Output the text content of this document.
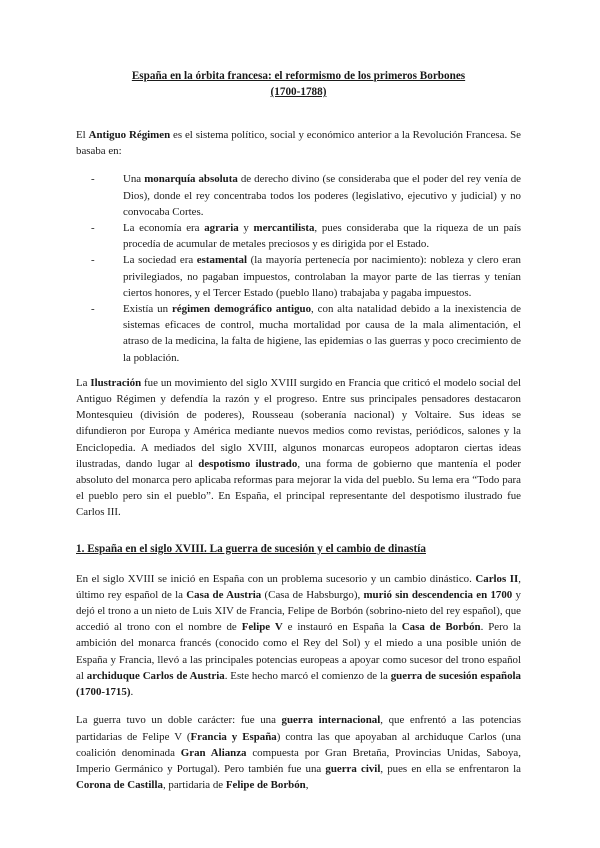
España en la órbita francesa: el reformismo de los primeros Borbones
(1700-1788)

El Antiguo Régimen es el sistema político, social y económico anterior a la Revolución Francesa. Se basaba en:

- Una monarquía absoluta de derecho divino (se consideraba que el poder del rey venía de Dios), donde el rey concentraba todos los poderes (legislativo, ejecutivo y judicial) y no convocaba Cortes.
- La economía era agraria y mercantilista, pues consideraba que la riqueza de un país procedía de acumular de metales preciosos y es dirigida por el Estado.
- La sociedad era estamental (la mayoría pertenecía por nacimiento): nobleza y clero eran privilegiados, no pagaban impuestos, controlaban la mayor parte de las tierras y tenían ciertos honores, y el Tercer Estado (pueblo llano) trabajaba y pagaba impuestos.
- Existía un régimen demográfico antiguo, con alta natalidad debido a la inexistencia de sistemas eficaces de control, mucha mortalidad por causa de la mala alimentación, el atraso de la medicina, la falta de higiene, las epidemias o las guerras y poco crecimiento de la población.

La Ilustración fue un movimiento del siglo XVIII surgido en Francia que criticó el modelo social del Antiguo Régimen y defendía la razón y el progreso. Entre sus principales pensadores destacaron Montesquieu (división de poderes), Rousseau (soberanía nacional) y Voltaire. Sus ideas se difundieron por Europa y América mediante nuevos medios como revistas, periódicos, salones y la Enciclopedia. A mediados del siglo XVIII, algunos monarcas europeos adoptaron ciertas ideas ilustradas, dando lugar al despotismo ilustrado, una forma de gobierno que mantenía el poder absoluto del monarca pero aplicaba reformas para mejorar la vida del pueblo. Su lema era “Todo para el pueblo pero sin el pueblo”. En España, el principal representante del despotismo ilustrado fue Carlos III.

1. España en el siglo XVIII. La guerra de sucesión y el cambio de dinastía

En el siglo XVIII se inició en España con un problema sucesorio y un cambio dinástico. Carlos II, último rey español de la Casa de Austria (Casa de Habsburgo), murió sin descendencia en 1700 y dejó el trono a un nieto de Luis XIV de Francia, Felipe de Borbón (sobrino-nieto del rey español), que accedió al trono con el nombre de Felipe V e instauró en España la Casa de Borbón. Pero la ambición del monarca francés (conocido como el Rey del Sol) y el miedo a una posible unión de España y Francia, llevó a las principales potencias europeas a apoyar como sucesor del trono español al archiduque Carlos de Austria. Este hecho marcó el comienzo de la guerra de sucesión española (1700-1715).

La guerra tuvo un doble carácter: fue una guerra internacional, que enfrentó a las potencias partidarias de Felipe V (Francia y España) contra las que apoyaban al archiduque Carlos (una coalición denominada Gran Alianza compuesta por Gran Bretaña, Provincias Unidas, Saboya, Imperio Germánico y Portugal). Pero también fue una guerra civil, pues en ella se enfrentaron la Corona de Castilla, partidaria de Felipe de Borbón,
